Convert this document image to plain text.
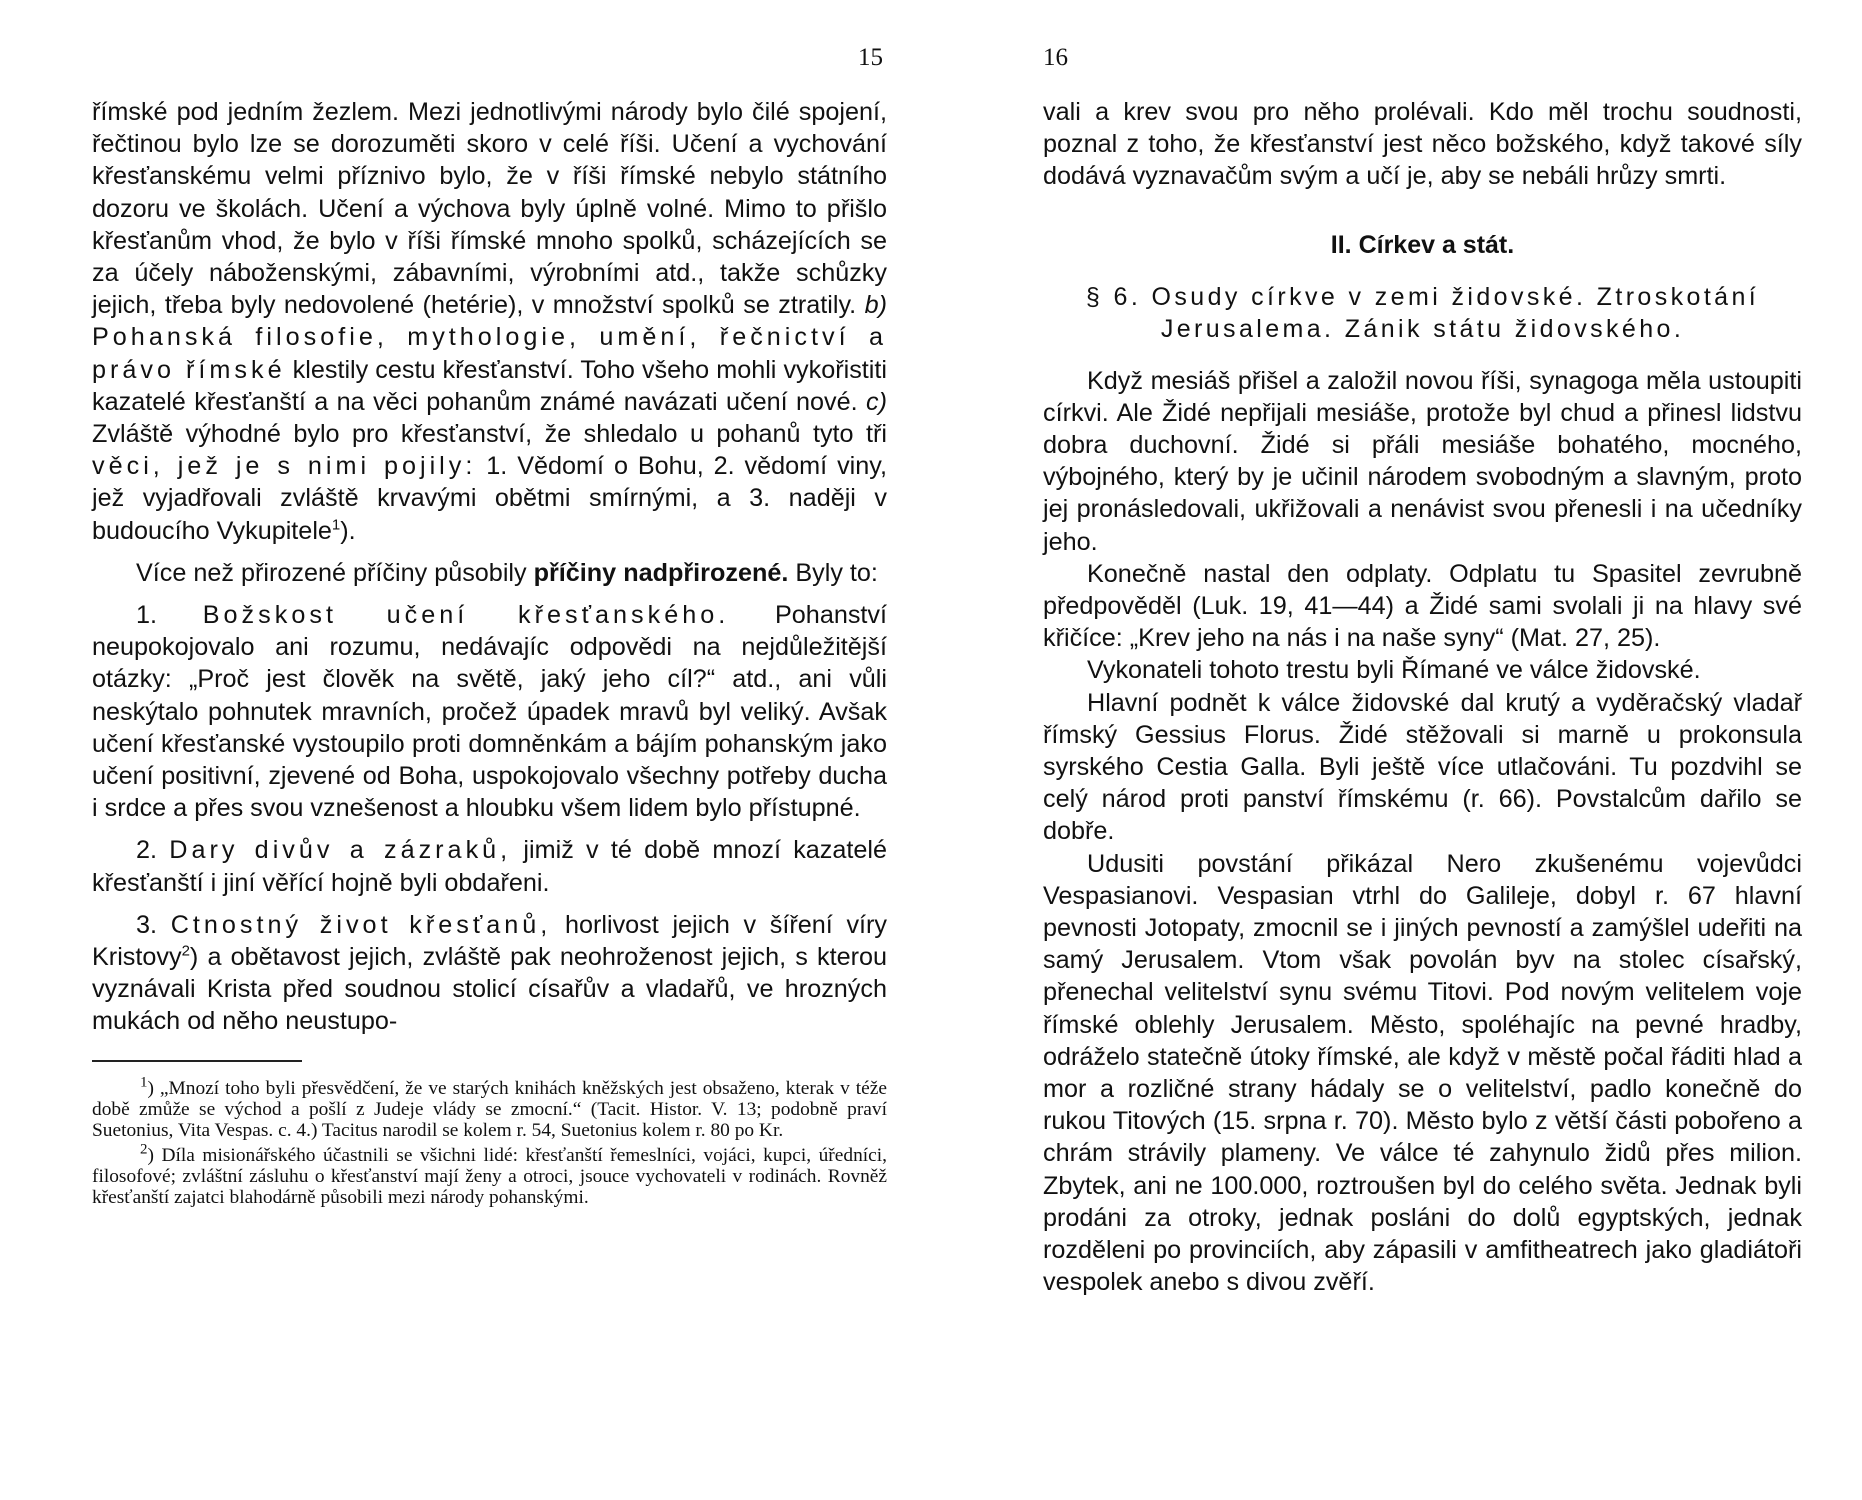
15

římské pod jedním žezlem. Mezi jednotlivými národy bylo čilé spojení, řečtinou bylo lze se dorozuměti skoro v celé říši. Učení a vychování křesťanskému velmi příznivo bylo, že v říši římské nebylo státního dozoru ve školách. Učení a výchova byly úplně volné. Mimo to přišlo křesťanům vhod, že bylo v říši římské mnoho spolků, scházejících se za účely náboženskými, zábavními, výrobními atd., takže schůzky jejich, třeba byly nedovolené (hetérie), v množství spolků se ztratily. b) Pohanská filosofie, mythologie, umění, řečnictví a právo římské klestily cestu křesťanství. Toho všeho mohli vykořistiti kazatelé křesťanští a na věci pohanům známé navázati učení nové. c) Zvláště výhodné bylo pro křesťanství, že shledalo u pohanů tyto tři věci, jež je s nimi pojily: 1. Vědomí o Bohu, 2. vědomí viny, jež vyjadřovali zvláště krvavými obětmi smírnými, a 3. naději v budoucího Vykupitele$^1$).

Více než přirozené příčiny působily příčiny nadpřirozené. Byly to:

1. Božskost učení křesťanského. Pohanství neupokojovalo ani rozumu, nedávajíc odpovědi na nejdůležitější otázky: „Proč jest člověk na světě, jaký jeho cíl?“ atd., ani vůli neskýtalo pohnutek mravních, pročež úpadek mravů byl veliký. Avšak učení křesťanské vystoupilo proti domněnkám a bájím pohanským jako učení positivní, zjevené od Boha, uspokojovalo všechny potřeby ducha i srdce a přes svou vznešenost a hloubku všem lidem bylo přístupné.

2. Dary divův a zázraků, jimiž v té době mnozí kazatelé křesťanští i jiní věřící hojně byli obdařeni.

3. Ctnostný život křesťanů, horlivost jejich v šíření víry Kristovy$^2$) a obětavost jejich, zvláště pak neohroženost jejich, s kterou vyznávali Krista před soudnou stolicí císařův a vladařů, ve hrozných mukách od něho neustupo-

$^1$) „Mnozí toho byli přesvědčení, že ve starých knihách kněžských jest obsaženo, kterak v téže době zmůže se východ a pošlí z Judeje vlády se zmocní.“ (Tacit. Histor. V. 13; podobně praví Suetonius, Vita Vespas. c. 4.) Tacitus narodil se kolem r. 54, Suetonius kolem r. 80 po Kr.

$^2$) Díla misionářského účastnili se všichni lidé: křesťanští řemeslníci, vojáci, kupci, úředníci, filosofové; zvláštní zásluhu o křesťanství mají ženy a otroci, jsouce vychovateli v rodinách. Rovněž křesťanští zajatci blahodárně působili mezi národy pohanskými.

16

vali a krev svou pro něho prolévali. Kdo měl trochu soudnosti, poznal z toho, že křesťanství jest něco božského, když takové síly dodává vyznavačům svým a učí je, aby se nebáli hrůzy smrti.

II. Církev a stát.
§ 6. Osudy církve v zemi židovské. Ztroskotání
Jerusalema. Zánik státu židovského.

Když mesiáš přišel a založil novou říši, synagoga měla ustoupiti církvi. Ale Židé nepřijali mesiáše, protože byl chud a přinesl lidstvu dobra duchovní. Židé si přáli mesiáše bohatého, mocného, výbojného, který by je učinil národem svobodným a slavným, proto jej pronásledovali, ukřižovali a nenávist svou přenesli i na učedníky jeho.

Konečně nastal den odplaty. Odplatu tu Spasitel zevrubně předpověděl (Luk. 19, 41—44) a Židé sami svolali ji na hlavy své křičíce: „Krev jeho na nás i na naše syny“ (Mat. 27, 25).

Vykonateli tohoto trestu byli Římané ve válce židovské.

Hlavní podnět k válce židovské dal krutý a vyděračský vladař římský Gessius Florus. Židé stěžovali si marně u prokonsula syrského Cestia Galla. Byli ještě více utlačováni. Tu pozdvihl se celý národ proti panství římskému (r. 66). Povstalcům dařilo se dobře.

Udusiti povstání přikázal Nero zkušenému vojevůdci Vespasianovi. Vespasian vtrhl do Galileje, dobyl r. 67 hlavní pevnosti Jotopaty, zmocnil se i jiných pevností a zamýšlel udeřiti na samý Jerusalem. Vtom však povolán byv na stolec císařský, přenechal velitelství synu svému Titovi. Pod novým velitelem voje římské oblehly Jerusalem. Město, spoléhajíc na pevné hradby, odráželo statečně útoky římské, ale když v městě počal řáditi hlad a mor a rozličné strany hádaly se o velitelství, padlo konečně do rukou Titových (15. srpna r. 70). Město bylo z větší části pobořeno a chrám strávily plameny. Ve válce té zahynulo židů přes milion. Zbytek, ani ne 100.000, roztroušen byl do celého světa. Jednak byli prodáni za otroky, jednak posláni do dolů egyptských, jednak rozděleni po provinciích, aby zápasili v amfitheatrech jako gladiátoři vespolek anebo s divou zvěří.
